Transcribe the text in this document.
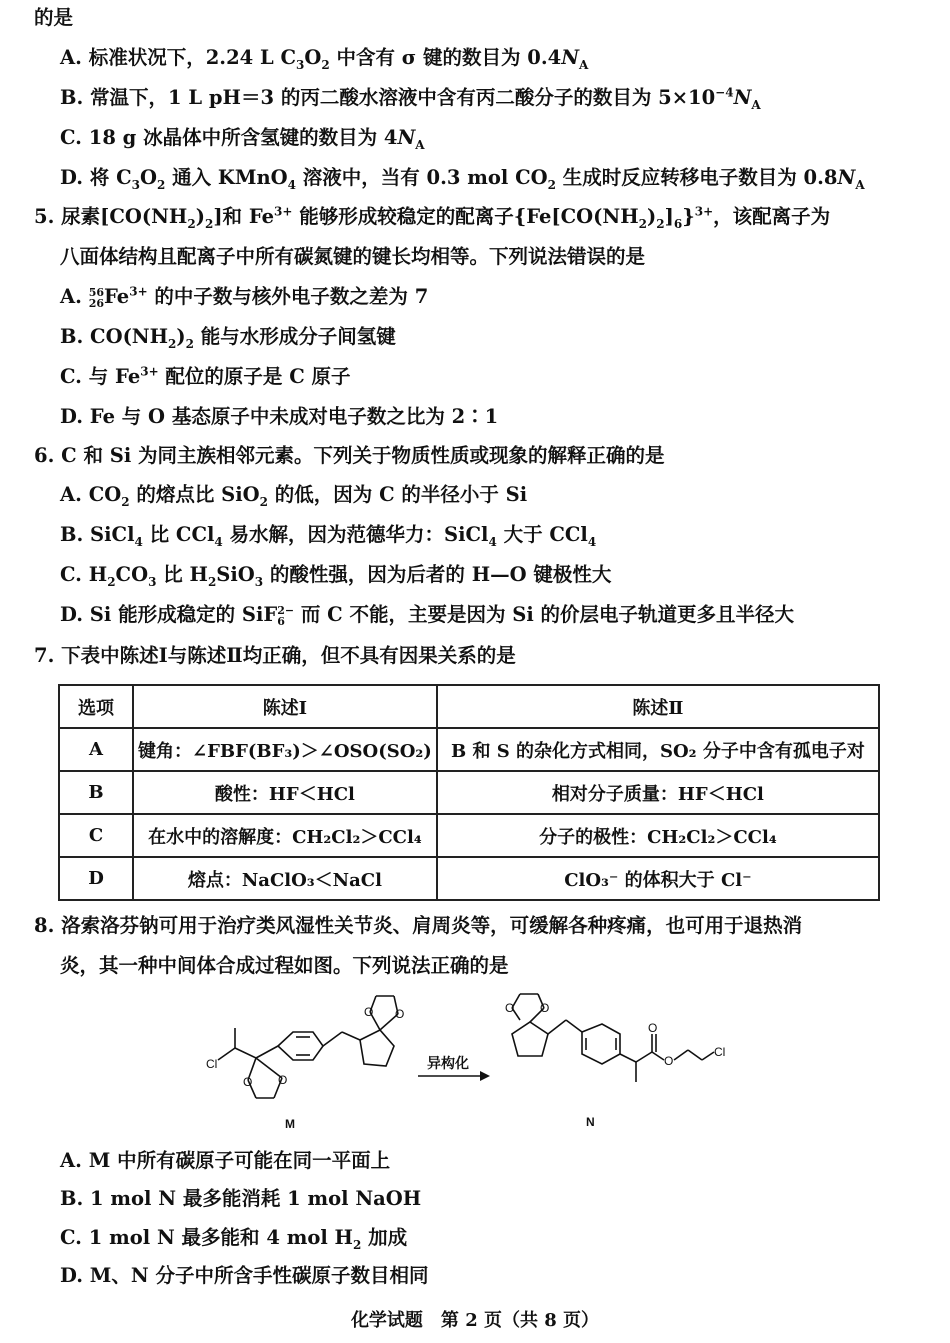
的是
A. 标准状况下，2.24 L $C_3O_2$ 中含有 σ 键的数目为 $0.4N_A$
B. 常温下，1 L pH＝3 的丙二酸水溶液中含有丙二酸分子的数目为 $5\times 10^{-4}N_A$
C. 18 g 冰晶体中所含氢键的数目为 $4N_A$
D. 将 $C_3O_2$ 通入 KMnO$_4$ 溶液中，当有 0.3 mol $CO_2$ 生成时反应转移电子数目为 $0.8N_A$
5. 尿素$[CO(NH_2)_2]$和 $Fe^{3+}$ 能够形成较稳定的配离子$\{Fe[CO(NH_2)_2]_6\}^{3+}$，该配离子为
八面体结构且配离子中所有碳氮键的键长均相等。下列说法错误的是
A. 56
$26Fe^{3+}$ 的中子数与核外电子数之差为 7
B. $CO(NH_2)_2$ 能与水形成分子间氢键
C. 与 $Fe^{3+}$ 配位的原子是 C 原子
D. Fe 与 O 基态原子中未成对电子数之比为 2∶1
6. C 和 Si 为同主族相邻元素。下列关于物质性质或现象的解释正确的是
A. $CO_2$ 的熔点比 SiO$_2$ 的低，因为 C 的半径小于 Si
B. SiCl$_4$ 比 CCl$_4$ 易水解，因为范德华力：SiCl$_4$ 大于 CCl$_4$
C. $H_2CO_3$ 比 $H_2SiO_3$ 的酸性强，因为后者的 H—O 键极性大
D. Si 能形成稳定的 SiF2−
6 而 C 不能，主要是因为 Si 的价层电子轨道更多且半径大
7. 下表中陈述Ⅰ与陈述Ⅱ均正确，但不具有因果关系的是
选项	陈述Ⅰ	陈述Ⅱ
A	键角：∠FBF(BF₃)＞∠OSO(SO₂)	B 和 S 的杂化方式相同，SO₂ 分子中含有孤电子对
B	酸性：HF＜HCl	相对分子质量：HF＜HCl
C	在水中的溶解度：CH₂Cl₂＞CCl₄	分子的极性：CH₂Cl₂＞CCl₄
D	熔点：NaClO₃＜NaCl	ClO₃⁻ 的体积大于 Cl⁻
8. 洛索洛芬钠可用于治疗类风湿性关节炎、肩周炎等，可缓解各种疼痛，也可用于退热消
炎，其一种中间体合成过程如图。下列说法正确的是
Cl
O O
O O
M
异构化
O O
O
O
Cl
N
A. M 中所有碳原子可能在同一平面上
B. 1 mol N 最多能消耗 1 mol NaOH
C. 1 mol N 最多能和 4 mol $H_2$ 加成
D. M、N 分子中所含手性碳原子数目相同
化学试题　第 2 页（共 8 页）
